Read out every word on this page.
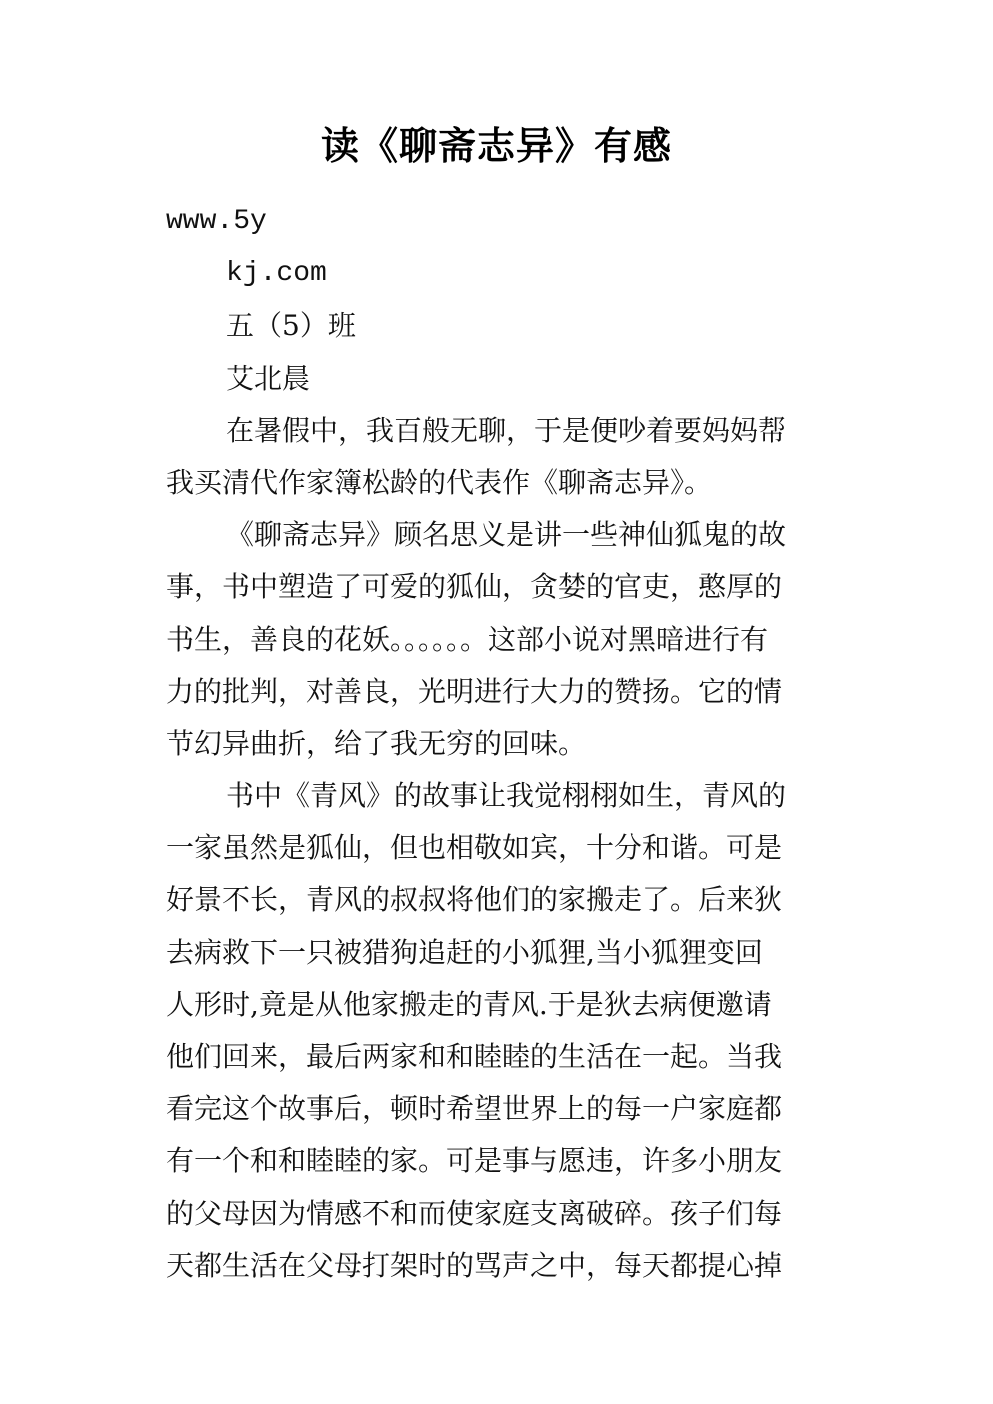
读《聊斋志异》有感
www.5y
kj.com
五（5）班
艾北晨
在暑假中，我百般无聊，于是便吵着要妈妈帮
我买清代作家簿松龄的代表作《聊斋志异》。
《聊斋志异》顾名思义是讲一些神仙狐鬼的故
事，书中塑造了可爱的狐仙，贪婪的官吏，憨厚的
书生，善良的花妖。。。。。。这部小说对黑暗进行有
力的批判，对善良，光明进行大力的赞扬。它的情
节幻异曲折，给了我无穷的回味。
书中《青风》的故事让我觉栩栩如生，青风的
一家虽然是狐仙，但也相敬如宾，十分和谐。可是
好景不长，青风的叔叔将他们的家搬走了。后来狄
去病救下一只被猎狗追赶的小狐狸,当小狐狸变回
人形时,竟是从他家搬走的青风.于是狄去病便邀请
他们回来，最后两家和和睦睦的生活在一起。当我
看完这个故事后，顿时希望世界上的每一户家庭都
有一个和和睦睦的家。可是事与愿违，许多小朋友
的父母因为情感不和而使家庭支离破碎。孩子们每
天都生活在父母打架时的骂声之中，每天都提心掉
